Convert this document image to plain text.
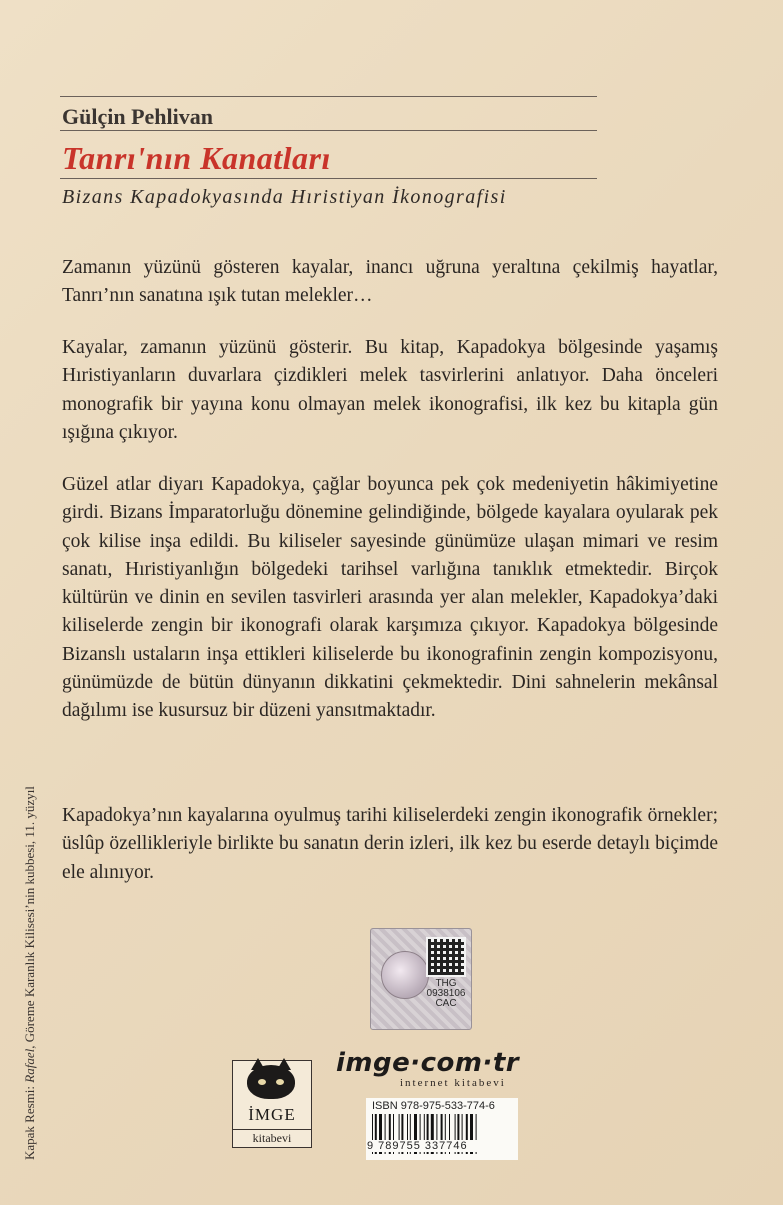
Gülçin Pehlivan
Tanrı'nın Kanatları
Bizans Kapadokyasında Hıristiyan İkonografisi
Zamanın yüzünü gösteren kayalar, inancı uğruna yeraltına çekilmiş hayatlar, Tanrı’nın sanatına ışık tutan melekler…
Kayalar, zamanın yüzünü gösterir. Bu kitap, Kapadokya bölgesinde yaşamış Hıristiyanların duvarlara çizdikleri melek tasvirlerini anlatıyor. Daha önceleri monografik bir yayına konu olmayan melek ikonografisi, ilk kez bu kitapla gün ışığına çıkıyor.
Güzel atlar diyarı Kapadokya, çağlar boyunca pek çok medeniyetin hâkimiyetine girdi. Bizans İmparatorluğu dönemine gelindiğinde, bölgede kayalara oyularak pek çok kilise inşa edildi. Bu kiliseler sayesinde günümüze ulaşan mimari ve resim sanatı, Hıristiyanlığın bölgedeki tarihsel varlığına tanıklık etmektedir. Birçok kültürün ve dinin en sevilen tasvirleri arasında yer alan melekler, Kapadokya’daki kiliselerde zengin bir ikonografi olarak karşımıza çıkıyor. Kapadokya bölgesinde Bizanslı ustaların inşa ettikleri kiliselerde bu ikonografinin zengin kompozisyonu, günümüzde de bütün dünyanın dikkatini çekmektedir. Dini sahnelerin mekânsal dağılımı ise kusursuz bir düzeni yansıtmaktadır.
Kapadokya’nın kayalarına oyulmuş tarihi kiliselerdeki zengin ikonografik örnekler; üslûp özellikleriyle birlikte bu sanatın derin izleri, ilk kez bu eserde detaylı biçimde ele alınıyor.
Kapak Resmi: Rafael, Göreme Karanlık Kilisesi’nin kubbesi, 11. yüzyıl	THG
0938106
CAC
İMGE
kitabevi
imge·com·tr
internet kitabevi
ISBN 978-975-533-774-6
9 789755 337746
